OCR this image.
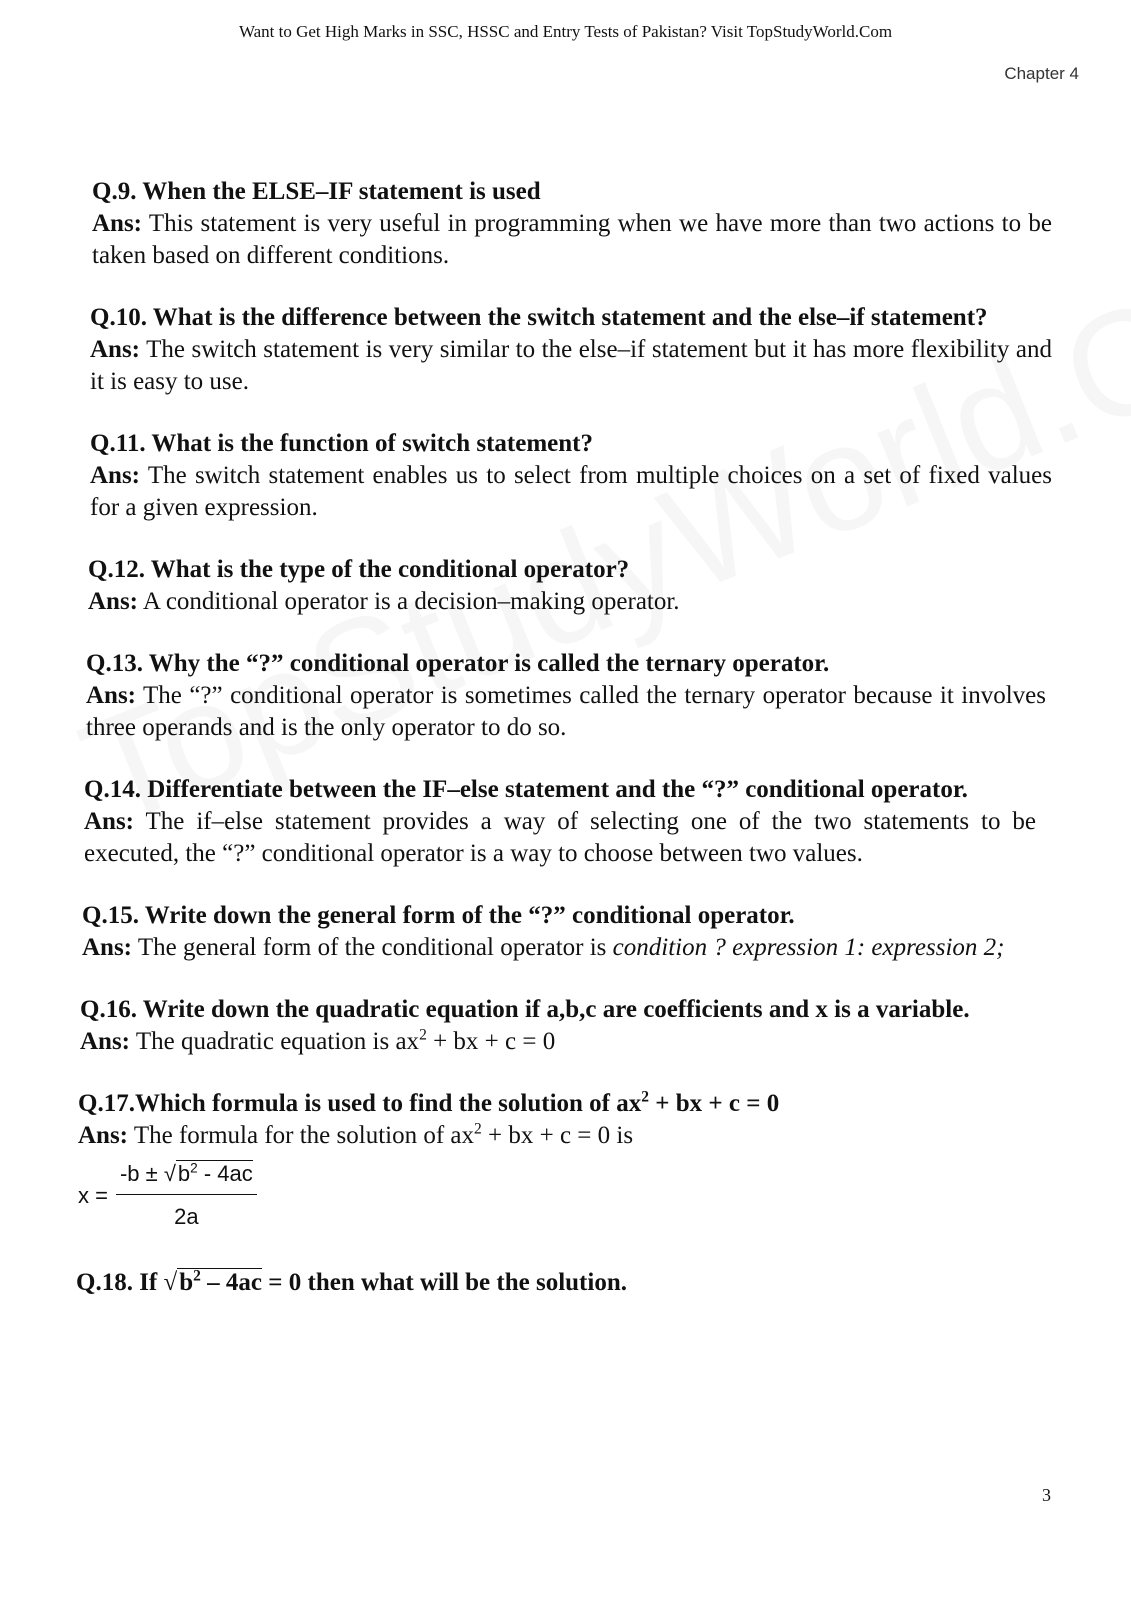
Want to Get High Marks in SSC, HSSC and Entry Tests of Pakistan? Visit TopStudyWorld.Com
Chapter 4
Q.9. When the ELSE–IF statement is used
Ans: This statement is very useful in programming when we have more than two actions to be taken based on different conditions.
Q.10. What is the difference between the switch statement and the else–if statement?
Ans: The switch statement is very similar to the else–if statement but it has more flexibility and it is easy to use.
Q.11. What is the function of switch statement?
Ans: The switch statement enables us to select from multiple choices on a set of fixed values for a given expression.
Q.12. What is the type of the conditional operator?
Ans: A conditional operator is a decision–making operator.
Q.13. Why the “?” conditional operator is called the ternary operator.
Ans: The “?” conditional operator is sometimes called the ternary operator because it involves three operands and is the only operator to do so.
Q.14. Differentiate between the IF–else statement and the “?” conditional operator.
Ans: The if–else statement provides a way of selecting one of the two statements to be executed, the “?” conditional operator is a way to choose between two values.
Q.15. Write down the general form of the “?” conditional operator.
Ans: The general form of the conditional operator is condition ? expression 1: expression 2;
Q.16. Write down the quadratic equation if a,b,c are coefficients and x is a variable.
Ans: The quadratic equation is $ax^2$ + bx + c = 0
Q.17.Which formula is used to find the solution of $ax^2$ + bx + c = 0
Ans: The formula for the solution of $ax^2$ + bx + c = 0 is
$x = \frac{-b \pm √b^2 - 4ac}{2a}$
Q.18. If $√b^2 - 4ac = 0$ then what will be the solution.
3
